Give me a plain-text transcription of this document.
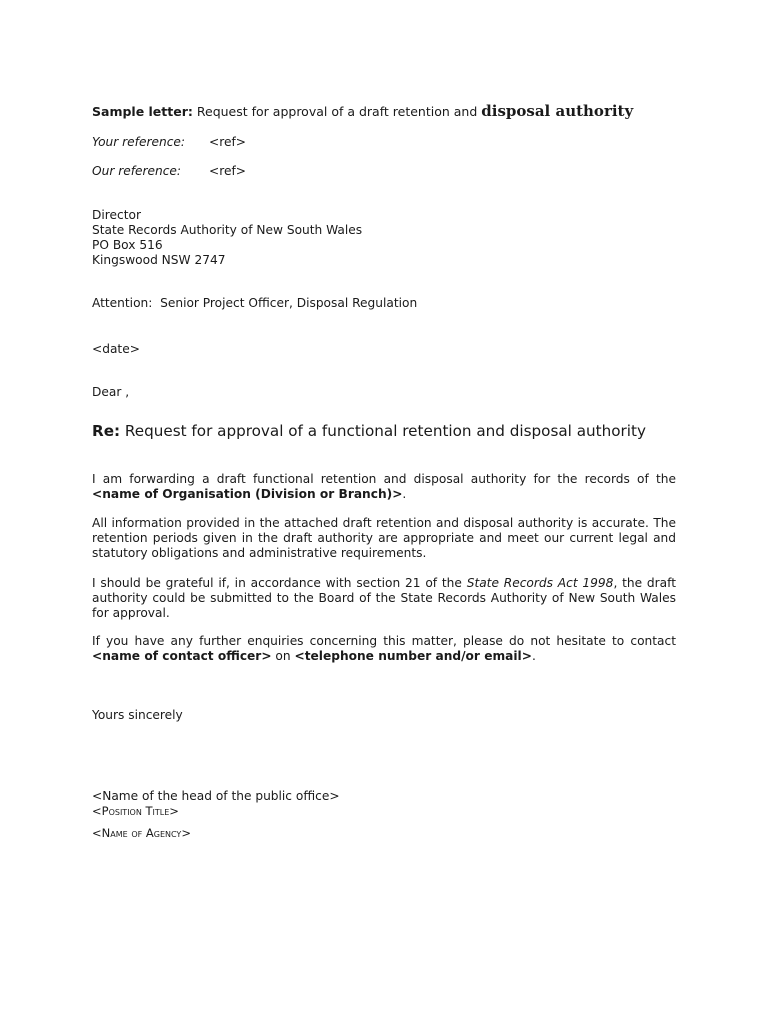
Sample letter: Request for approval of a draft retention and disposal authority
Your reference: <ref>
Our reference: <ref>
Director
State Records Authority of New South Wales
PO Box 516
Kingswood NSW 2747
Attention: Senior Project Officer, Disposal Regulation
<date>
Dear ,
Re: Request for approval of a functional retention and disposal authority
I am forwarding a draft functional retention and disposal authority for the records of the <name of Organisation (Division or Branch)>.
All information provided in the attached draft retention and disposal authority is accurate. The retention periods given in the draft authority are appropriate and meet our current legal and statutory obligations and administrative requirements.
I should be grateful if, in accordance with section 21 of the State Records Act 1998, the draft authority could be submitted to the Board of the State Records Authority of New South Wales for approval.
If you have any further enquiries concerning this matter, please do not hesitate to contact <name of contact officer> on <telephone number and/or email>.
Yours sincerely
<Name of the head of the public office>
<Position Title>
<Name of Agency>
